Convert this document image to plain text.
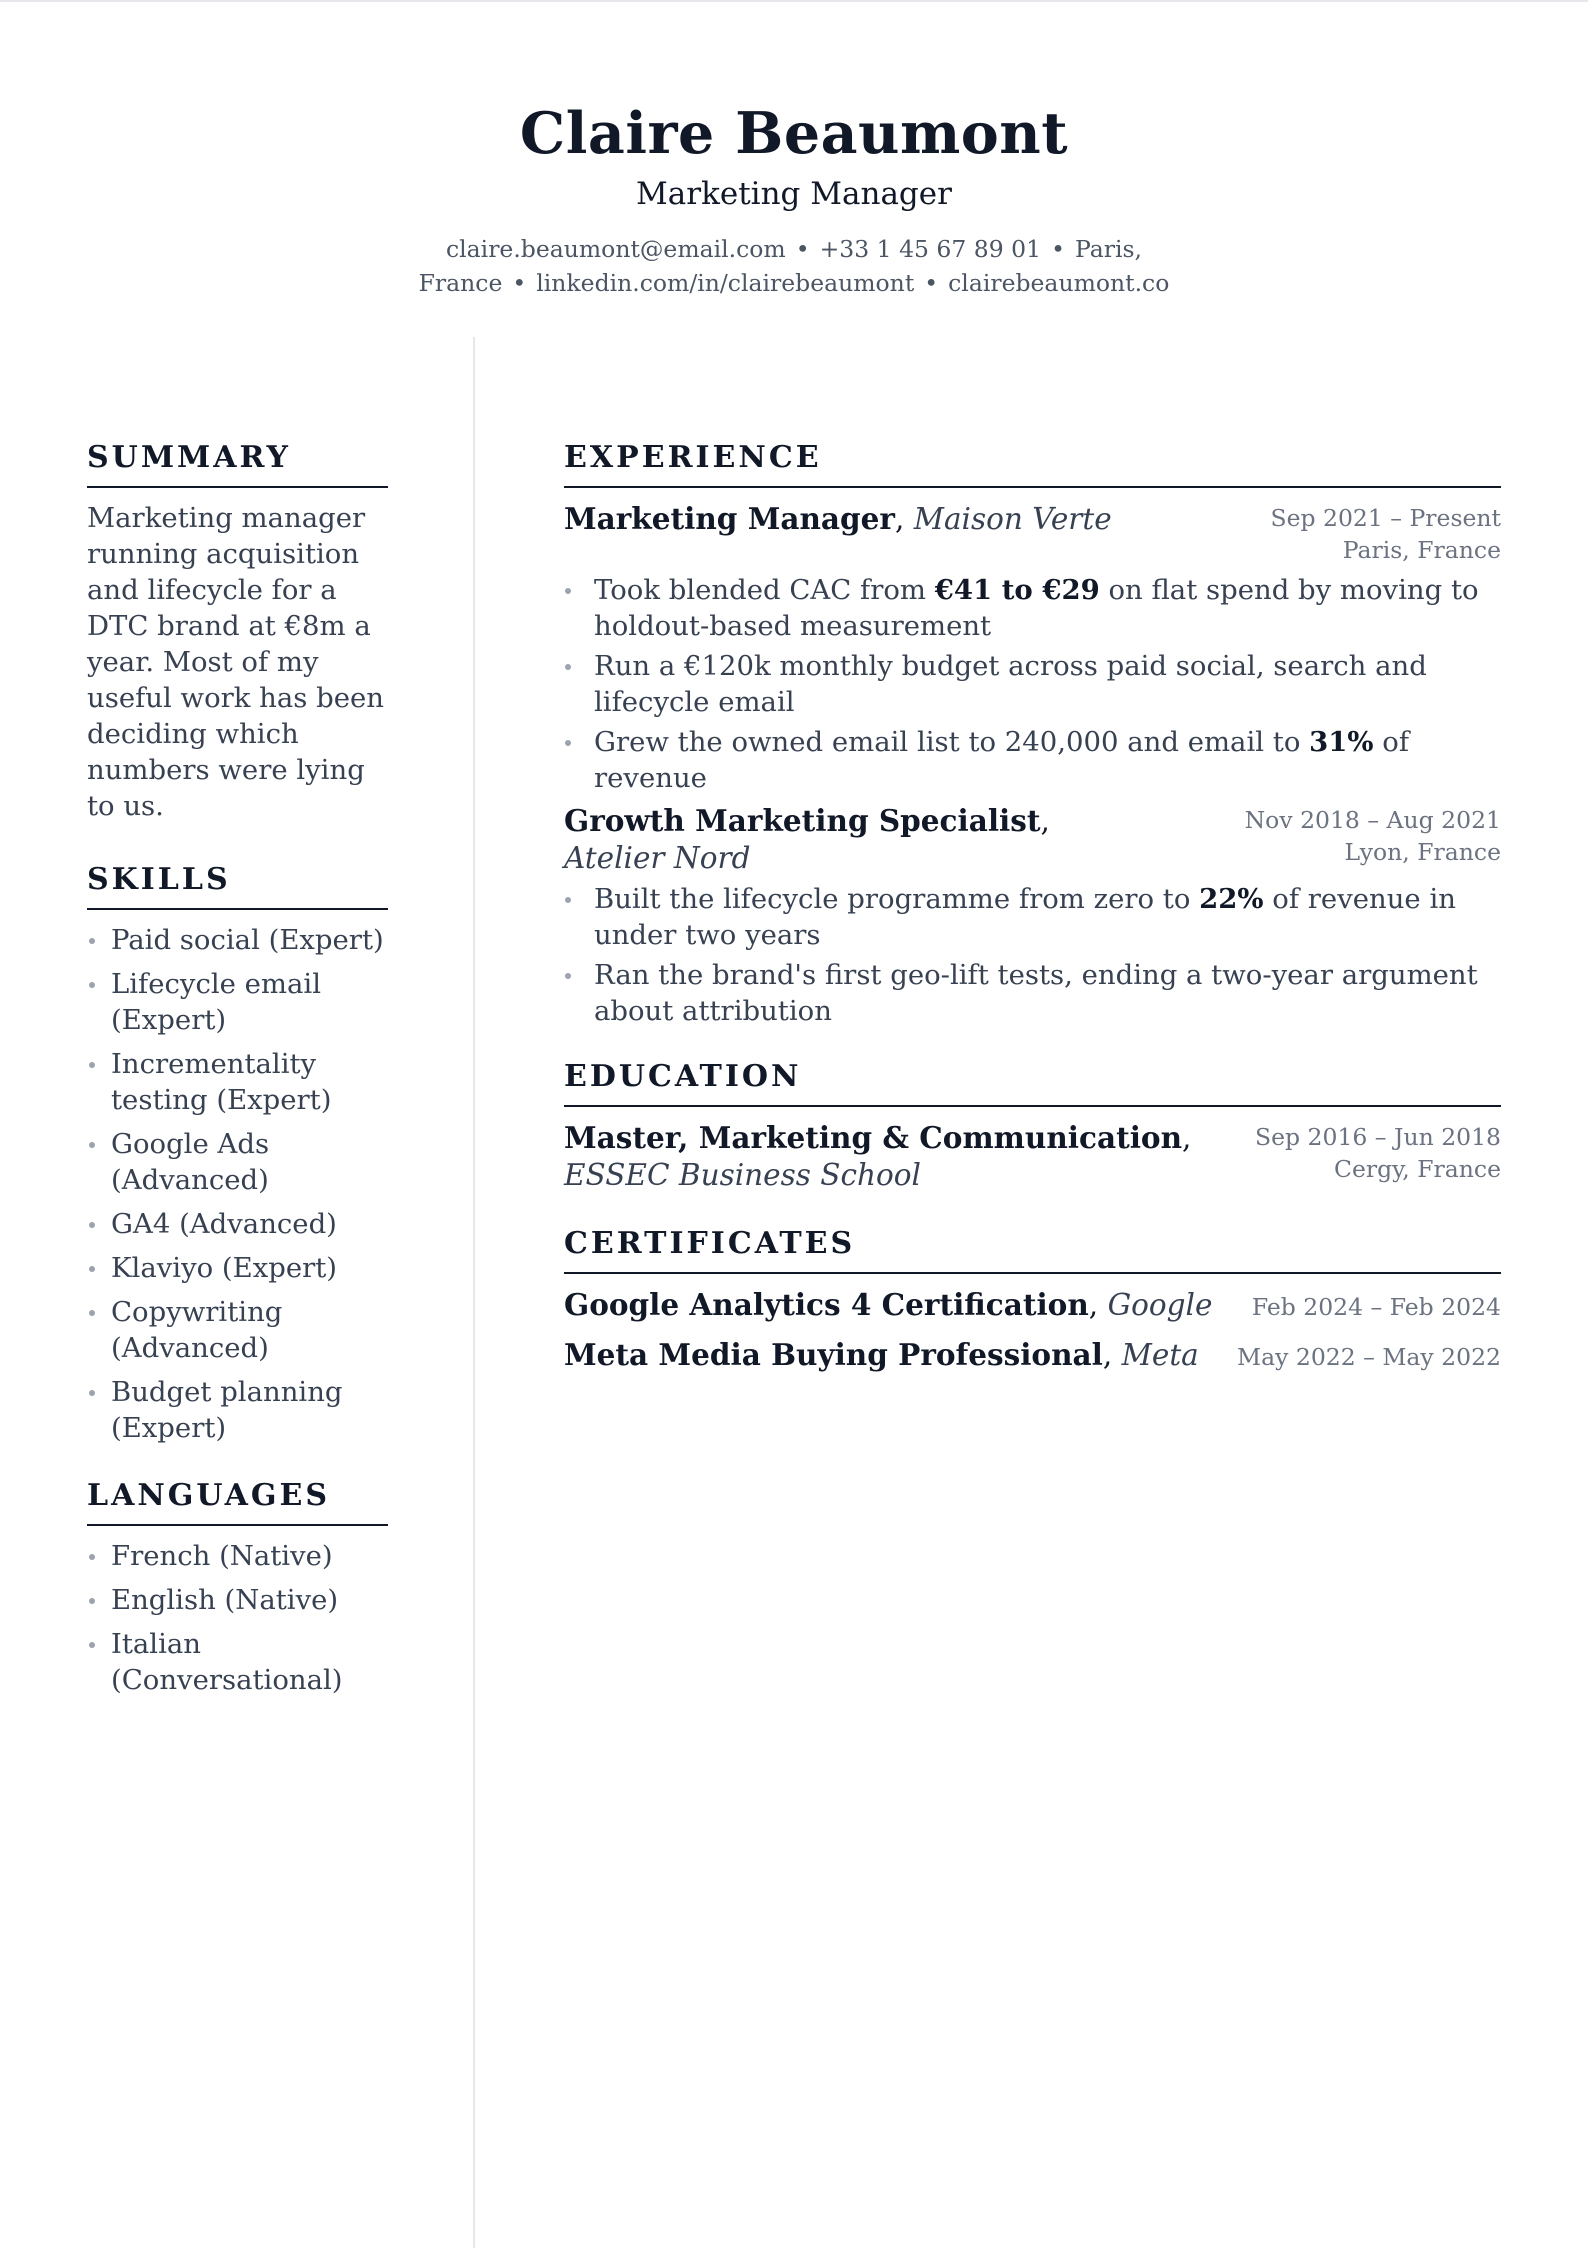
Claire Beaumont
Marketing Manager
claire.beaumont@email.com • +33 1 45 67 89 01 • Paris, France • linkedin.com/in/clairebeaumont • clairebeaumont.co
SUMMARY

Marketing manager running acquisition and lifecycle for a DTC brand at €8m a year. Most of my useful work has been deciding which numbers were lying to us.

SKILLS
Paid social (Expert)
Lifecycle email (Expert)
Incrementality testing (Expert)
Google Ads (Advanced)
GA4 (Advanced)
Klaviyo (Expert)
Copywriting (Advanced)
Budget planning (Expert)
LANGUAGES
French (Native)
English (Native)
Italian (Conversational)
EXPERIENCE
Marketing Manager, Maison Verte	Sep 2021 – Present
Paris, France
Took blended CAC from €41 to €29 on flat spend by moving to holdout-based measurement
Run a €120k monthly budget across paid social, search and lifecycle email
Grew the owned email list to 240,000 and email to 31% of revenue
Growth Marketing Specialist, Atelier Nord
Nov 2018 – Aug 2021
Lyon, France
Built the lifecycle programme from zero to 22% of revenue in under two years
Ran the brand's first geo-lift tests, ending a two-year argument about attribution
EDUCATION
Master, Marketing & Communication,
ESSEC Business School
Sep 2016 – Jun 2018
Cergy, France
CERTIFICATES
Google Analytics 4 Certification, Google Feb 2024 – Feb 2024
Meta Media Buying Professional, Meta May 2022 – May 2022
